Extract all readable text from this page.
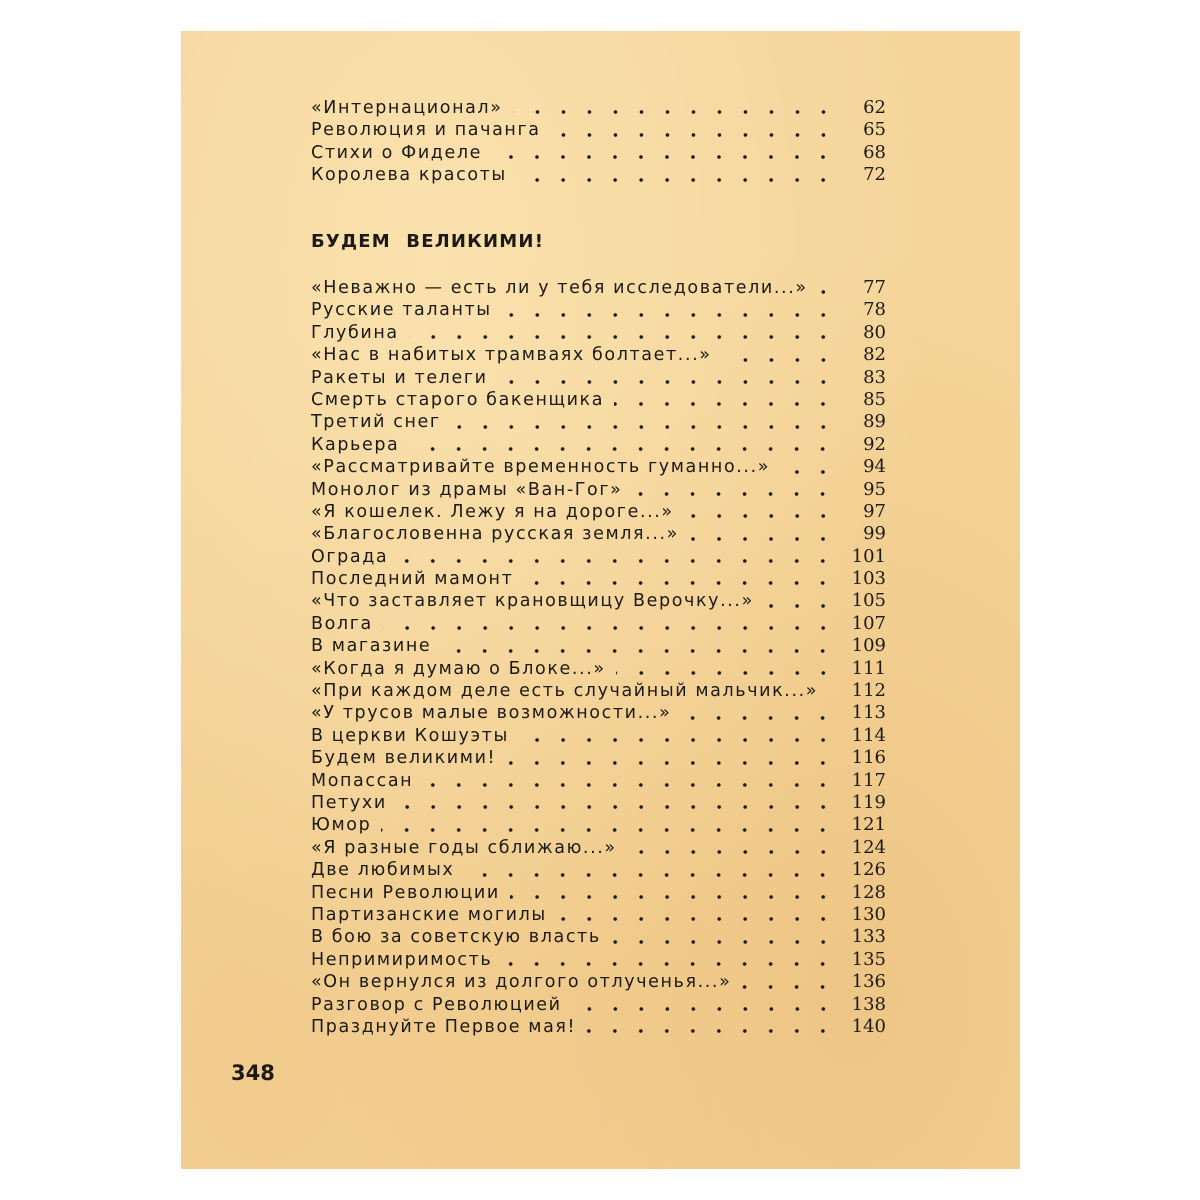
«Интернационал»	62
Революция и пачанга	65
Стихи о Фиделе	68
Королева красоты	72
БУДЕМ ВЕЛИКИМИ!
«Неважно — есть ли у тебя исследователи...»	77
Русские таланты	78
Глубина	80
«Нас в набитых трамваях болтает...»	82
Ракеты и телеги	83
Смерть старого бакенщика	85
Третий снег	89
Карьера	92
«Рассматривайте временность гуманно...»	94
Монолог из драмы «Ван-Гог»	95
«Я кошелек. Лежу я на дороге...»	97
«Благословенна русская земля...»	99
Ограда	101
Последний мамонт	103
«Что заставляет крановщицу Верочку...»	105
Волга	107
В магазине	109
«Когда я думаю о Блоке...»	111
«При каждом деле есть случайный мальчик...»	112
«У трусов малые возможности...»	113
В церкви Кошуэты	114
Будем великими!	116
Мопассан	117
Петухи	119
Юмор	121
«Я разные годы сближаю...»	124
Две любимых	126
Песни Революции	128
Партизанские могилы	130
В бою за советскую власть	133
Непримиримость	135
«Он вернулся из долгого отлученья...»	136
Разговор с Революцией	138
Празднуйте Первое мая!	140
348
